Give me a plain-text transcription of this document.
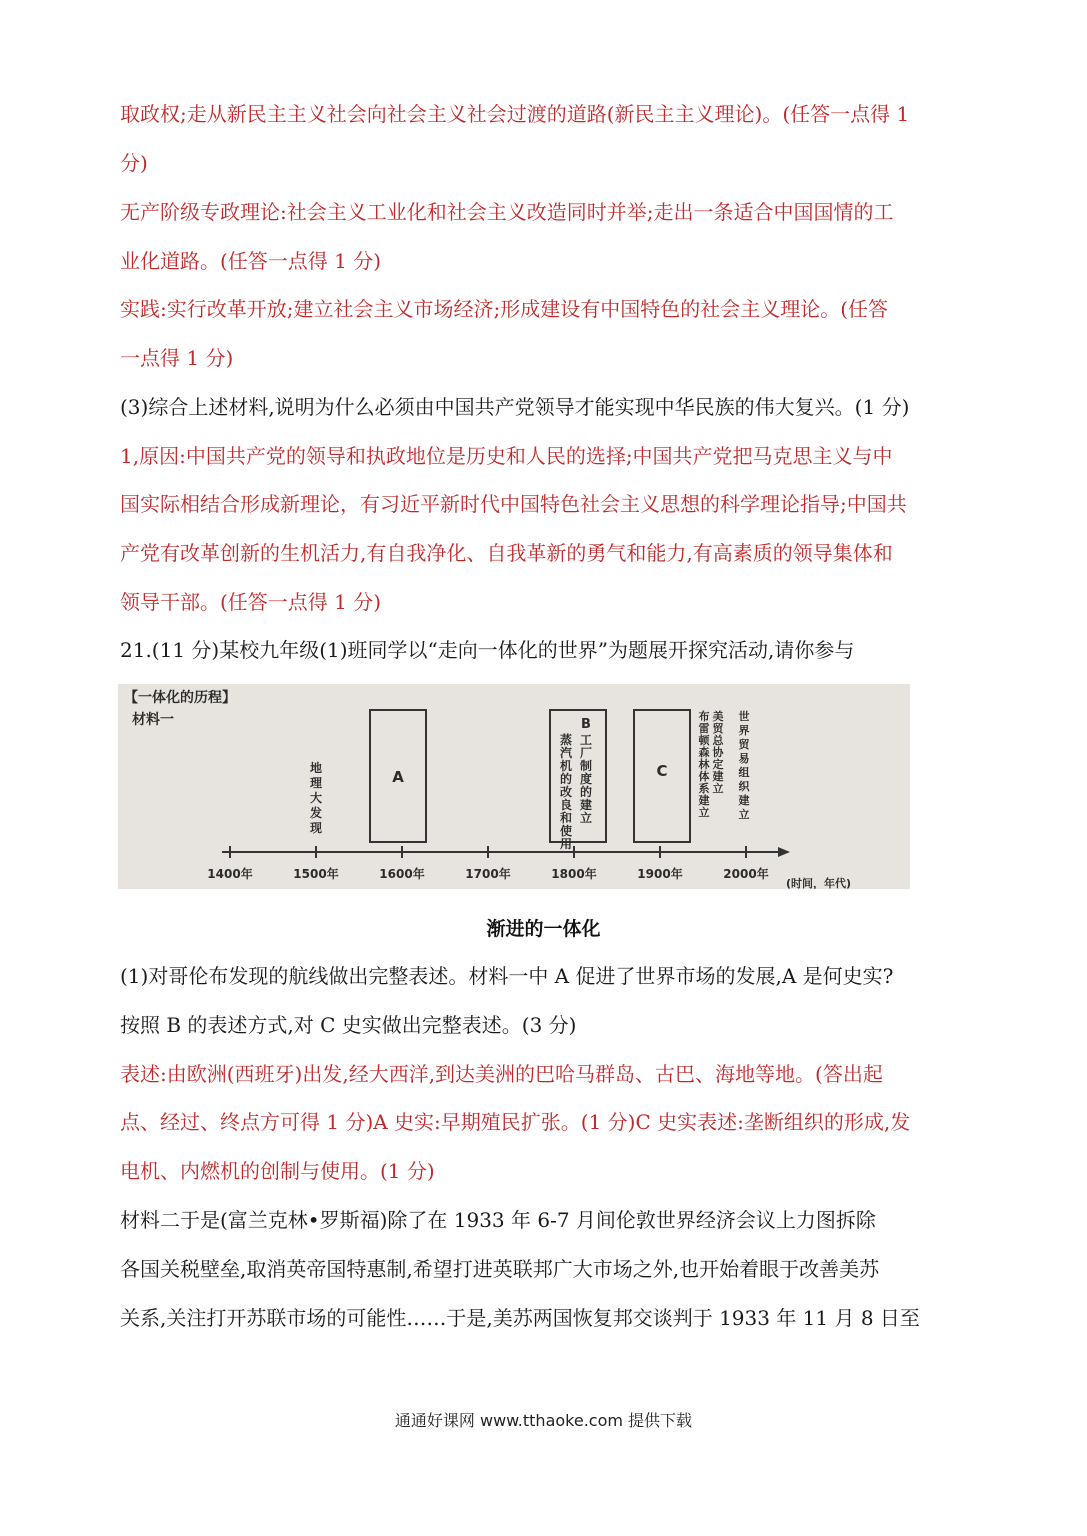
取政权;走从新民主主义社会向社会主义社会过渡的道路(新民主主义理论)。(任答一点得 1
分)
无产阶级专政理论:社会主义工业化和社会主义改造同时并举;走出一条适合中国国情的工
业化道路。(任答一点得 1 分)
实践:实行改革开放;建立社会主义市场经济;形成建设有中国特色的社会主义理论。(任答
一点得 1 分)
(3)综合上述材料,说明为什么必须由中国共产党领导才能实现中华民族的伟大复兴。(1 分)
1,原因:中国共产党的领导和执政地位是历史和人民的选择;中国共产党把马克思主义与中
国实际相结合形成新理论，有习近平新时代中国特色社会主义思想的科学理论指导;中国共
产党有改革创新的生机活力,有自我净化、自我革新的勇气和能力,有高素质的领导集体和
领导干部。(任答一点得 1 分)
21.(11 分)某校九年级(1)班同学以“走向一体化的世界”为题展开探究活动,请你参与
【一体化的历程】
材料一
A
B
蒸汽机的改良和使用
工厂制度的建立
C
地理大发现
布雷顿森林体系建立
美贸总协定建立
世界贸易组织建立
1400年	1500年	1600年	1700年	1800年	1900年	2000年
(时间，年代)
渐进的一体化
(1)对哥伦布发现的航线做出完整表述。材料一中 A 促进了世界市场的发展,A 是何史实?
按照 B 的表述方式,对 C 史实做出完整表述。(3 分)
表述:由欧洲(西班牙)出发,经大西洋,到达美洲的巴哈马群岛、古巴、海地等地。(答出起
点、经过、终点方可得 1 分)A 史实:早期殖民扩张。(1 分)C 史实表述:垄断组织的形成,发
电机、内燃机的创制与使用。(1 分)
材料二于是(富兰克林•罗斯福)除了在 1933 年 6-7 月间伦敦世界经济会议上力图拆除
各国关税壁垒,取消英帝国特惠制,希望打进英联邦广大市场之外,也开始着眼于改善美苏
关系,关注打开苏联市场的可能性……于是,美苏两国恢复邦交谈判于 1933 年 11 月 8 日至
通通好课网 www.tthaoke.com 提供下载
